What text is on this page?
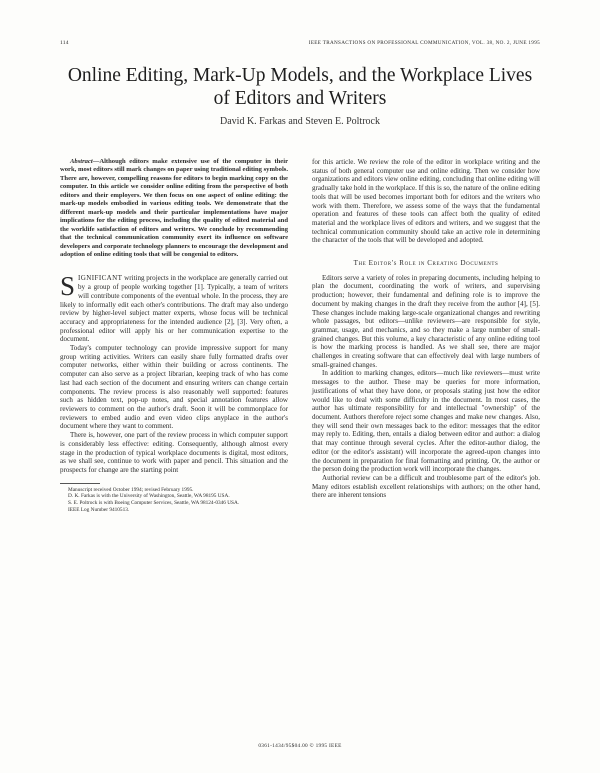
114	IEEE TRANSACTIONS ON PROFESSIONAL COMMUNICATION, VOL. 38, NO. 2, JUNE 1995
Online Editing, Mark-Up Models, and the Workplace Lives of Editors and Writers
David K. Farkas and Steven E. Poltrock

Abstract—Although editors make extensive use of the computer in their work, most editors still mark changes on paper using traditional editing symbols. There are, however, compelling reasons for editors to begin marking copy on the computer. In this article we consider online editing from the perspective of both editors and their employers. We then focus on one aspect of online editing: the mark-up models embodied in various editing tools. We demonstrate that the different mark-up models and their particular implementations have major implications for the editing process, including the quality of edited material and the worklife satisfaction of editors and writers. We conclude by recommending that the technical communication community exert its influence on software developers and corporate technology planners to encourage the development and adoption of online editing tools that will be congenial to editors.

SIGNIFICANT writing projects in the workplace are generally carried out by a group of people working together [1]. Typically, a team of writers will contribute components of the eventual whole. In the process, they are likely to informally edit each other's contributions. The draft may also undergo review by higher-level subject matter experts, whose focus will be technical accuracy and appropriateness for the intended audience [2], [3]. Very often, a professional editor will apply his or her communication expertise to the document.

Today's computer technology can provide impressive support for many group writing activities. Writers can easily share fully formatted drafts over computer networks, either within their building or across continents. The computer can also serve as a project librarian, keeping track of who has come last had each section of the document and ensuring writers can change certain components. The review process is also reasonably well supported: features such as hidden text, pop-up notes, and special annotation features allow reviewers to comment on the author's draft. Soon it will be commonplace for reviewers to embed audio and even video clips anyplace in the author's document where they want to comment.

There is, however, one part of the review process in which computer support is considerably less effective: editing. Consequently, although almost every stage in the production of typical workplace documents is digital, most editors, as we shall see, continue to work with paper and pencil. This situation and the prospects for change are the starting point

Manuscript received October 1994; revised February 1995.

D. K. Farkas is with the University of Washington, Seattle, WA 98195 USA.

S. E. Poltrock is with Boeing Computer Services, Seattle, WA 98124-0346 USA.

IEEE Log Number 9410513.

for this article. We review the role of the editor in workplace writing and the status of both general computer use and online editing. Then we consider how organizations and editors view online editing, concluding that online editing will gradually take hold in the workplace. If this is so, the nature of the online editing tools that will be used becomes important both for editors and the writers who work with them. Therefore, we assess some of the ways that the fundamental operation and features of these tools can affect both the quality of edited material and the workplace lives of editors and writers, and we suggest that the technical communication community should take an active role in determining the character of the tools that will be developed and adopted.

The Editor's Role in Creating Documents

Editors serve a variety of roles in preparing documents, including helping to plan the document, coordinating the work of writers, and supervising production; however, their fundamental and defining role is to improve the document by making changes in the draft they receive from the author [4], [5]. These changes include making large-scale organizational changes and rewriting whole passages, but editors—unlike reviewers—are responsible for style, grammar, usage, and mechanics, and so they make a large number of small-grained changes. But this volume, a key characteristic of any online editing tool is how the marking process is handled. As we shall see, there are major challenges in creating software that can effectively deal with large numbers of small-grained changes.

In addition to marking changes, editors—much like reviewers—must write messages to the author. These may be queries for more information, justifications of what they have done, or proposals stating just how the editor would like to deal with some difficulty in the document. In most cases, the author has ultimate responsibility for and intellectual "ownership" of the document. Authors therefore reject some changes and make new changes. Also, they will send their own messages back to the editor: messages that the editor may reply to. Editing, then, entails a dialog between editor and author: a dialog that may continue through several cycles. After the editor-author dialog, the editor (or the editor's assistant) will incorporate the agreed-upon changes into the document in preparation for final formatting and printing. Or, the author or the person doing the production work will incorporate the changes.

Authorial review can be a difficult and troublesome part of the editor's job. Many editors establish excellent relationships with authors; on the other hand, there are inherent tensions

0361-1434/95$04.00 © 1995 IEEE
